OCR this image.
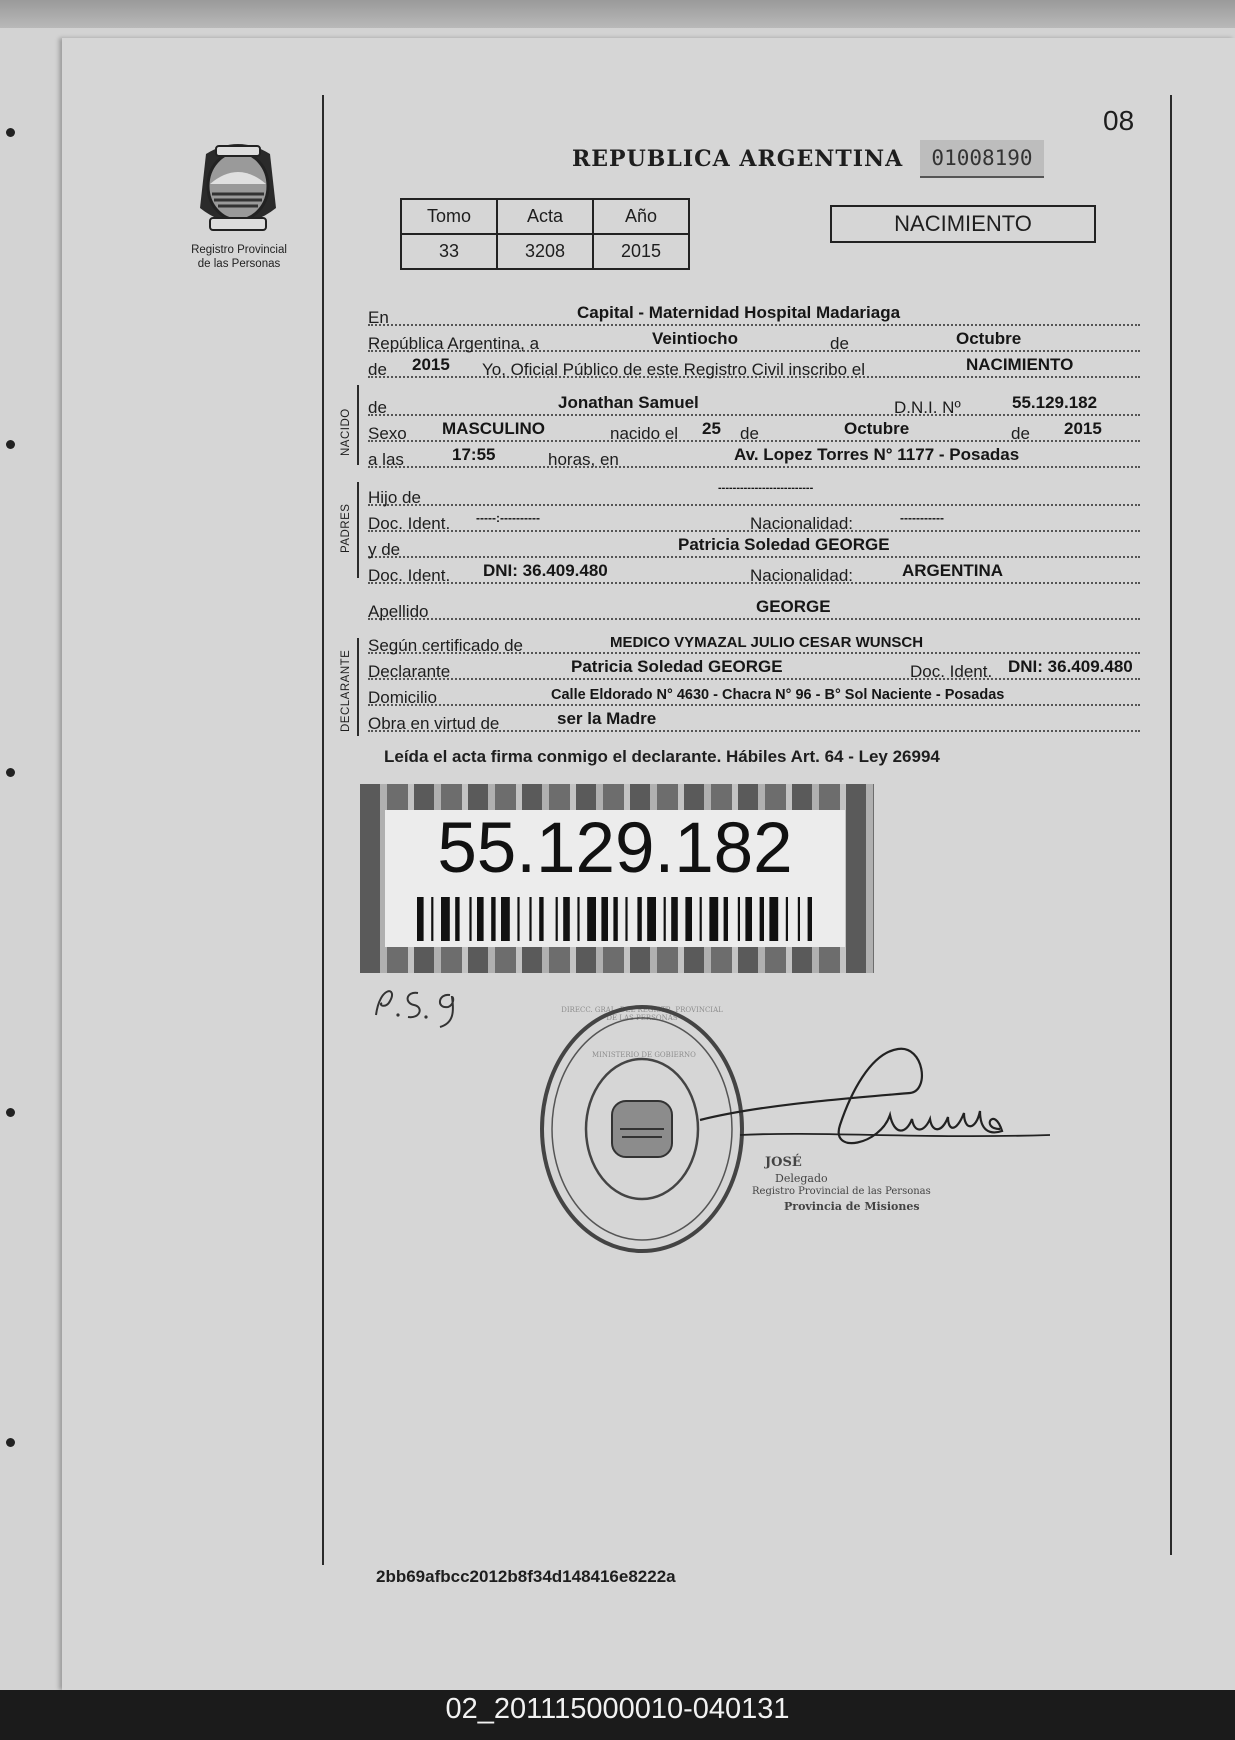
08
Registro Provincial
de las Personas
REPUBLICA ARGENTINA	01008190
Tomo	Acta	Año
33	3208	2015
NACIMIENTO
En	Capital - Maternidad Hospital Madariaga
República Argentina, a	Veintiocho	de	Octubre
de 2015 Yo, Oficial Público de este Registro Civil inscribo el	NACIMIENTO
NACIDO
de	Jonathan Samuel	D.N.I. Nº	55.129.182
Sexo MASCULINO	nacido el 25 de	Octubre	de 2015
a las	17:55	horas, en	Av. Lopez Torres N° 1177 - Posadas
PADRES
Hijo de	--------------------------
Doc. Ident. -----:----------	Nacionalidad:	-----------
y de	Patricia Soledad GEORGE
Doc. Ident. DNI: 36.409.480	Nacionalidad:	ARGENTINA
Apellido	GEORGE
DECLARANTE
Según certificado de	MEDICO VYMAZAL JULIO CESAR WUNSCH
Declarante	Patricia Soledad GEORGE	Doc. Ident. DNI: 36.409.480
Domicilio	Calle Eldorado N° 4630 - Chacra N° 96 - B° Sol Naciente - Posadas
Obra en virtud de	ser la Madre
Leída el acta firma conmigo el declarante. Hábiles Art. 64 - Ley 26994
55.129.182
DIRECC. GRAL. DEL REGISTR. PROVINCIAL DE LAS PERSONAS
MINISTERIO DE GOBIERNO
JOSÉ
Delegado
Registro Provincial de las Personas
Provincia de Misiones
2bb69afbcc2012b8f34d148416e8222a
02_201115000010-040131
